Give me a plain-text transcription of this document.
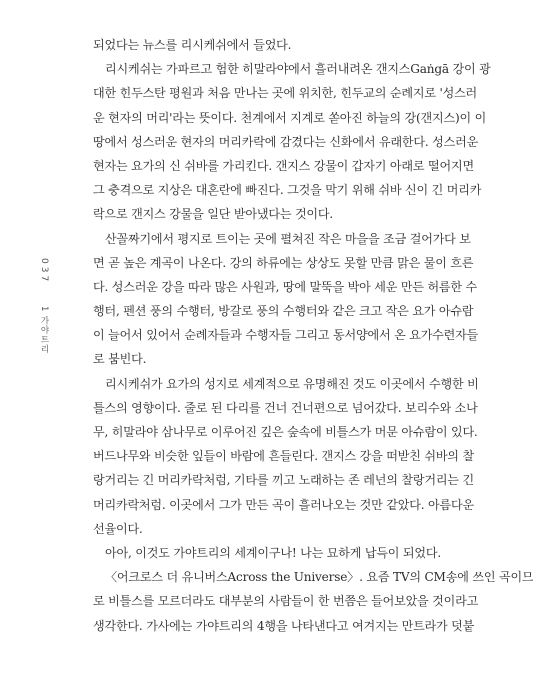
037
1 가야트리
되었다는 뉴스를 리시케쉬에서 들었다.
리시케쉬는 가파르고 험한 히말라야에서 흘러내려온 갠지스Gaṅgā 강이 광
대한 힌두스탄 평원과 처음 만나는 곳에 위치한, 힌두교의 순례지로 '성스러
운 현자의 머리'라는 뜻이다. 천계에서 지계로 쏟아진 하늘의 강(갠지스)이 이
땅에서 성스러운 현자의 머리카락에 감겼다는 신화에서 유래한다. 성스러운
현자는 요가의 신 쉬바를 가리킨다. 갠지스 강물이 갑자기 아래로 떨어지면
그 충격으로 지상은 대혼란에 빠진다. 그것을 막기 위해 쉬바 신이 긴 머리카
락으로 갠지스 강물을 일단 받아냈다는 것이다.
산꼴짜기에서 평지로 트이는 곳에 펼쳐진 작은 마을을 조금 걸어가다 보
면 곧 높은 계곡이 나온다. 강의 하류에는 상상도 못할 만큼 맑은 물이 흐른
다. 성스러운 강을 따라 많은 사원과, 땅에 말뚝을 박아 세운 만든 허름한 수
행터, 펜션 풍의 수행터, 방갈로 풍의 수행터와 같은 크고 작은 요가 아슈람
이 늘어서 있어서 순례자들과 수행자들 그리고 동서양에서 온 요가수련자들
로 붐빈다.
리시케쉬가 요가의 성지로 세계적으로 유명해진 것도 이곳에서 수행한 비
틀스의 영향이다. 줄로 된 다리를 건너 건너편으로 넘어갔다. 보리수와 소나
무, 히말라야 삼나무로 이루어진 깊은 숲속에 비틀스가 머문 아슈람이 있다.
버드나무와 비슷한 잎들이 바람에 흔들린다. 갠지스 강을 떠받친 쉬바의 찰
랑거리는 긴 머리카락처럼, 기타를 끼고 노래하는 존 레넌의 찰랑거리는 긴
머리카락처럼. 이곳에서 그가 만든 곡이 흘러나오는 것만 같았다. 아름다운
선율이다.
아아, 이것도 가야트리의 세계이구나! 나는 묘하게 납득이 되었다.
〈어크로스 더 유니버스Across the Universe〉. 요즘 TV의 CM송에 쓰인 곡이므
로 비틀스를 모르더라도 대부분의 사람들이 한 번쯤은 들어보았을 것이라고
생각한다. 가사에는 가야트리의 4행을 나타낸다고 여겨지는 만트라가 덧붙
